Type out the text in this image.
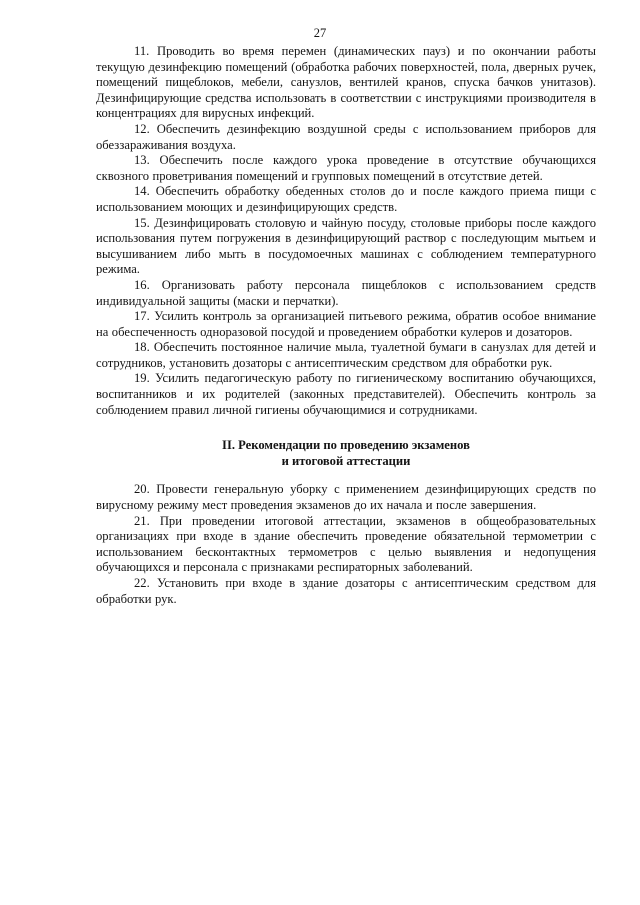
27

11. Проводить во время перемен (динамических пауз) и по окончании работы текущую дезинфекцию помещений (обработка рабочих поверхностей, пола, дверных ручек, помещений пищеблоков, мебели, санузлов, вентилей кранов, спуска бачков унитазов). Дезинфицирующие средства использовать в соответствии с инструкциями производителя в концентрациях для вирусных инфекций.

12. Обеспечить дезинфекцию воздушной среды с использованием приборов для обеззараживания воздуха.

13. Обеспечить после каждого урока проведение в отсутствие обучающихся сквозного проветривания помещений и групповых помещений в отсутствие детей.

14. Обеспечить обработку обеденных столов до и после каждого приема пищи с использованием моющих и дезинфицирующих средств.

15. Дезинфицировать столовую и чайную посуду, столовые приборы после каждого использования путем погружения в дезинфицирующий раствор с последующим мытьем и высушиванием либо мыть в посудомоечных машинах с соблюдением температурного режима.

16. Организовать работу персонала пищеблоков с использованием средств индивидуальной защиты (маски и перчатки).

17. Усилить контроль за организацией питьевого режима, обратив особое внимание на обеспеченность одноразовой посудой и проведением обработки кулеров и дозаторов.

18. Обеспечить постоянное наличие мыла, туалетной бумаги в санузлах для детей и сотрудников, установить дозаторы с антисептическим средством для обработки рук.

19. Усилить педагогическую работу по гигиеническому воспитанию обучающихся, воспитанников и их родителей (законных представителей). Обеспечить контроль за соблюдением правил личной гигиены обучающимися и сотрудниками.

II. Рекомендации по проведению экзаменов
и итоговой аттестации

20. Провести генеральную уборку с применением дезинфицирующих средств по вирусному режиму мест проведения экзаменов до их начала и после завершения.

21. При проведении итоговой аттестации, экзаменов в общеобразовательных организациях при входе в здание обеспечить проведение обязательной термометрии с использованием бесконтактных термометров с целью выявления и недопущения обучающихся и персонала с признаками респираторных заболеваний.

22. Установить при входе в здание дозаторы с антисептическим средством для обработки рук.
